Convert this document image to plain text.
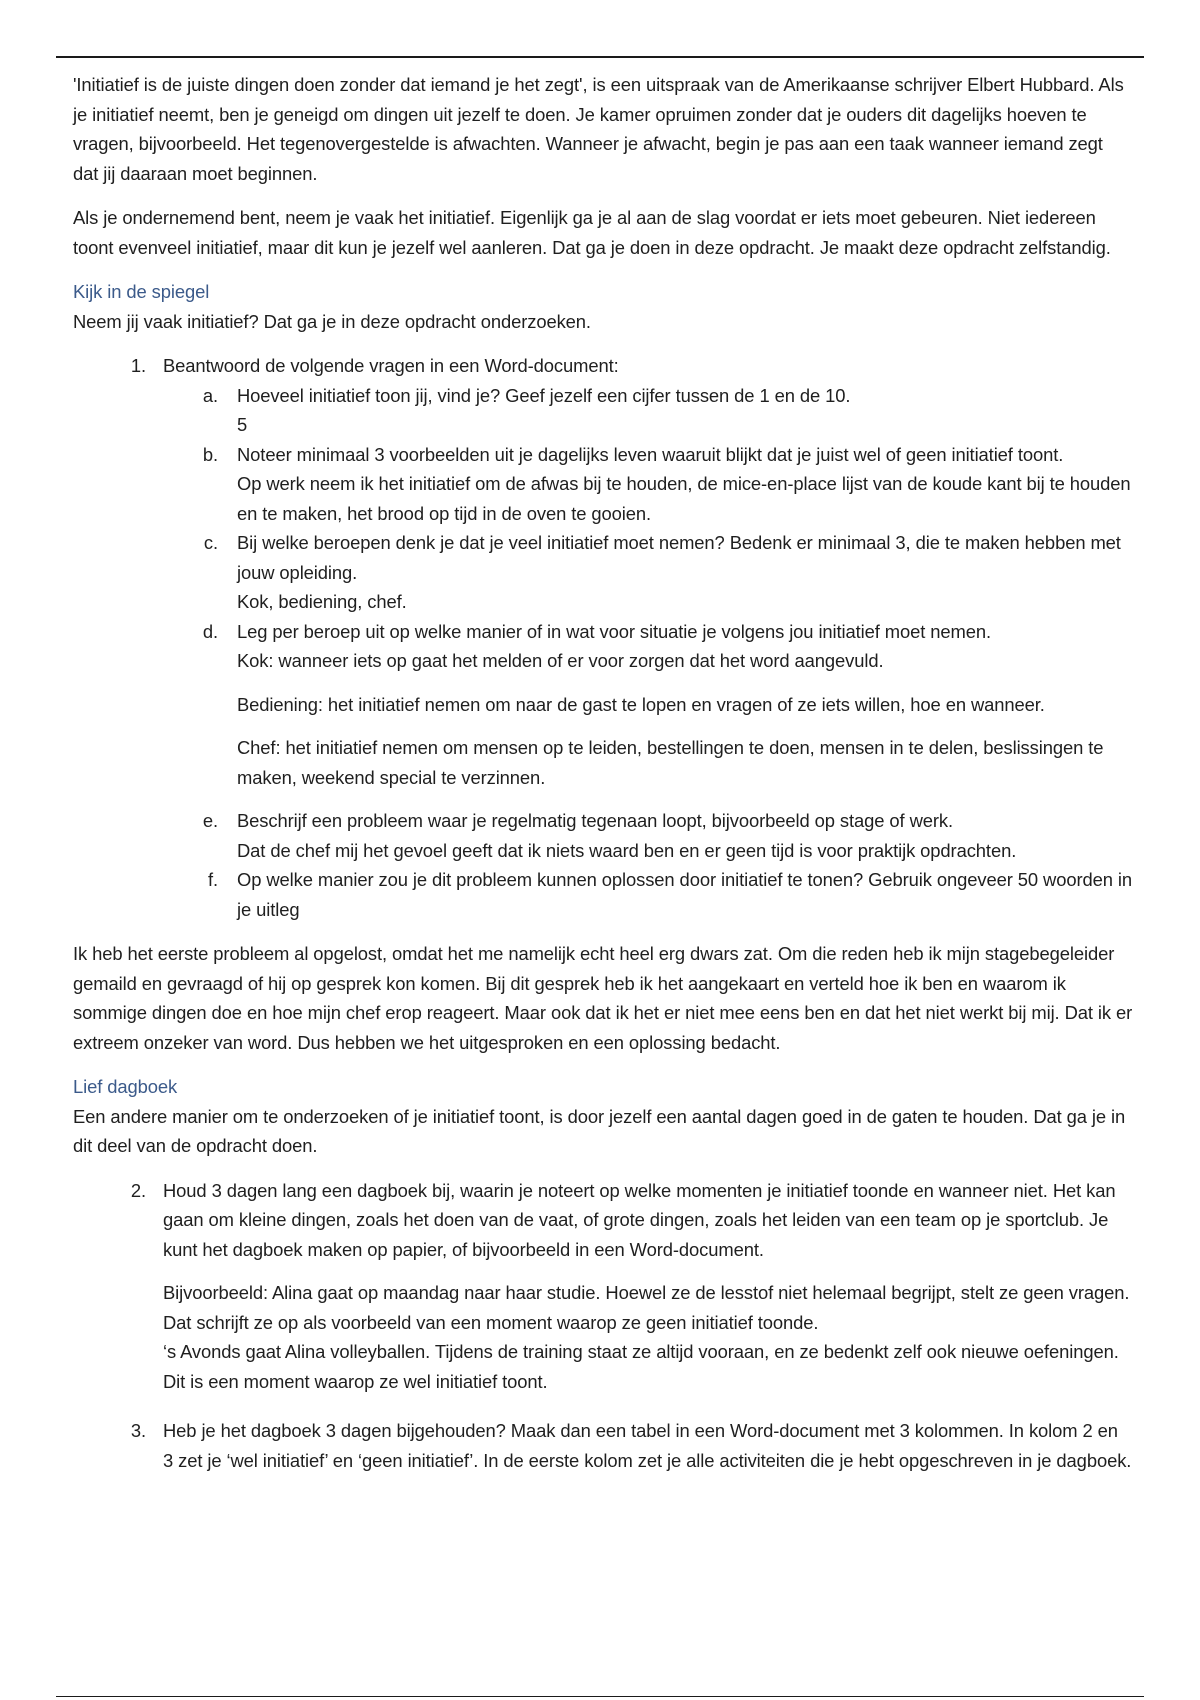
'Initiatief is de juiste dingen doen zonder dat iemand je het zegt', is een uitspraak van de Amerikaanse schrijver Elbert Hubbard. Als je initiatief neemt, ben je geneigd om dingen uit jezelf te doen. Je kamer opruimen zonder dat je ouders dit dagelijks hoeven te vragen, bijvoorbeeld. Het tegenovergestelde is afwachten. Wanneer je afwacht, begin je pas aan een taak wanneer iemand zegt dat jij daaraan moet beginnen.

Als je ondernemend bent, neem je vaak het initiatief. Eigenlijk ga je al aan de slag voordat er iets moet gebeuren. Niet iedereen toont evenveel initiatief, maar dit kun je jezelf wel aanleren. Dat ga je doen in deze opdracht. Je maakt deze opdracht zelfstandig.

Kijk in de spiegel

Neem jij vaak initiatief? Dat ga je in deze opdracht onderzoeken.

1. Beantwoord de volgende vragen in een Word-document:
a.	Hoeveel initiatief toon jij, vind je? Geef jezelf een cijfer tussen de 1 en de 10.
5
b.	Noteer minimaal 3 voorbeelden uit je dagelijks leven waaruit blijkt dat je juist wel of geen initiatief toont.
Op werk neem ik het initiatief om de afwas bij te houden, de mice-en-place lijst van de koude kant bij te houden en te maken, het brood op tijd in de oven te gooien.
c.	Bij welke beroepen denk je dat je veel initiatief moet nemen? Bedenk er minimaal 3, die te maken hebben met jouw opleiding.
Kok, bediening, chef.
d.	Leg per beroep uit op welke manier of in wat voor situatie je volgens jou initiatief moet nemen.
Kok: wanneer iets op gaat het melden of er voor zorgen dat het word aangevuld.

Bediening: het initiatief nemen om naar de gast te lopen en vragen of ze iets willen, hoe en wanneer.

Chef: het initiatief nemen om mensen op te leiden, bestellingen te doen, mensen in te delen, beslissingen te maken, weekend special te verzinnen.

e.	Beschrijf een probleem waar je regelmatig tegenaan loopt, bijvoorbeeld op stage of werk.
Dat de chef mij het gevoel geeft dat ik niets waard ben en er geen tijd is voor praktijk opdrachten.
f.	Op welke manier zou je dit probleem kunnen oplossen door initiatief te tonen? Gebruik ongeveer 50 woorden in je uitleg

Ik heb het eerste probleem al opgelost, omdat het me namelijk echt heel erg dwars zat. Om die reden heb ik mijn stagebegeleider gemaild en gevraagd of hij op gesprek kon komen. Bij dit gesprek heb ik het aangekaart en verteld hoe ik ben en waarom ik sommige dingen doe en hoe mijn chef erop reageert. Maar ook dat ik het er niet mee eens ben en dat het niet werkt bij mij. Dat ik er extreem onzeker van word. Dus hebben we het uitgesproken en een oplossing bedacht.

Lief dagboek

Een andere manier om te onderzoeken of je initiatief toont, is door jezelf een aantal dagen goed in de gaten te houden. Dat ga je in dit deel van de opdracht doen.

2. Houd 3 dagen lang een dagboek bij, waarin je noteert op welke momenten je initiatief toonde en wanneer niet. Het kan gaan om kleine dingen, zoals het doen van de vaat, of grote dingen, zoals het leiden van een team op je sportclub. Je kunt het dagboek maken op papier, of bijvoorbeeld in een Word-document.
Bijvoorbeeld: Alina gaat op maandag naar haar studie. Hoewel ze de lesstof niet helemaal begrijpt, stelt ze geen vragen. Dat schrijft ze op als voorbeeld van een moment waarop ze geen initiatief toonde.
‘s Avonds gaat Alina volleyballen. Tijdens de training staat ze altijd vooraan, en ze bedenkt zelf ook nieuwe oefeningen. Dit is een moment waarop ze wel initiatief toont.
3. Heb je het dagboek 3 dagen bijgehouden? Maak dan een tabel in een Word-document met 3 kolommen. In kolom 2 en 3 zet je ‘wel initiatief’ en ‘geen initiatief’. In de eerste kolom zet je alle activiteiten die je hebt opgeschreven in je dagboek.
